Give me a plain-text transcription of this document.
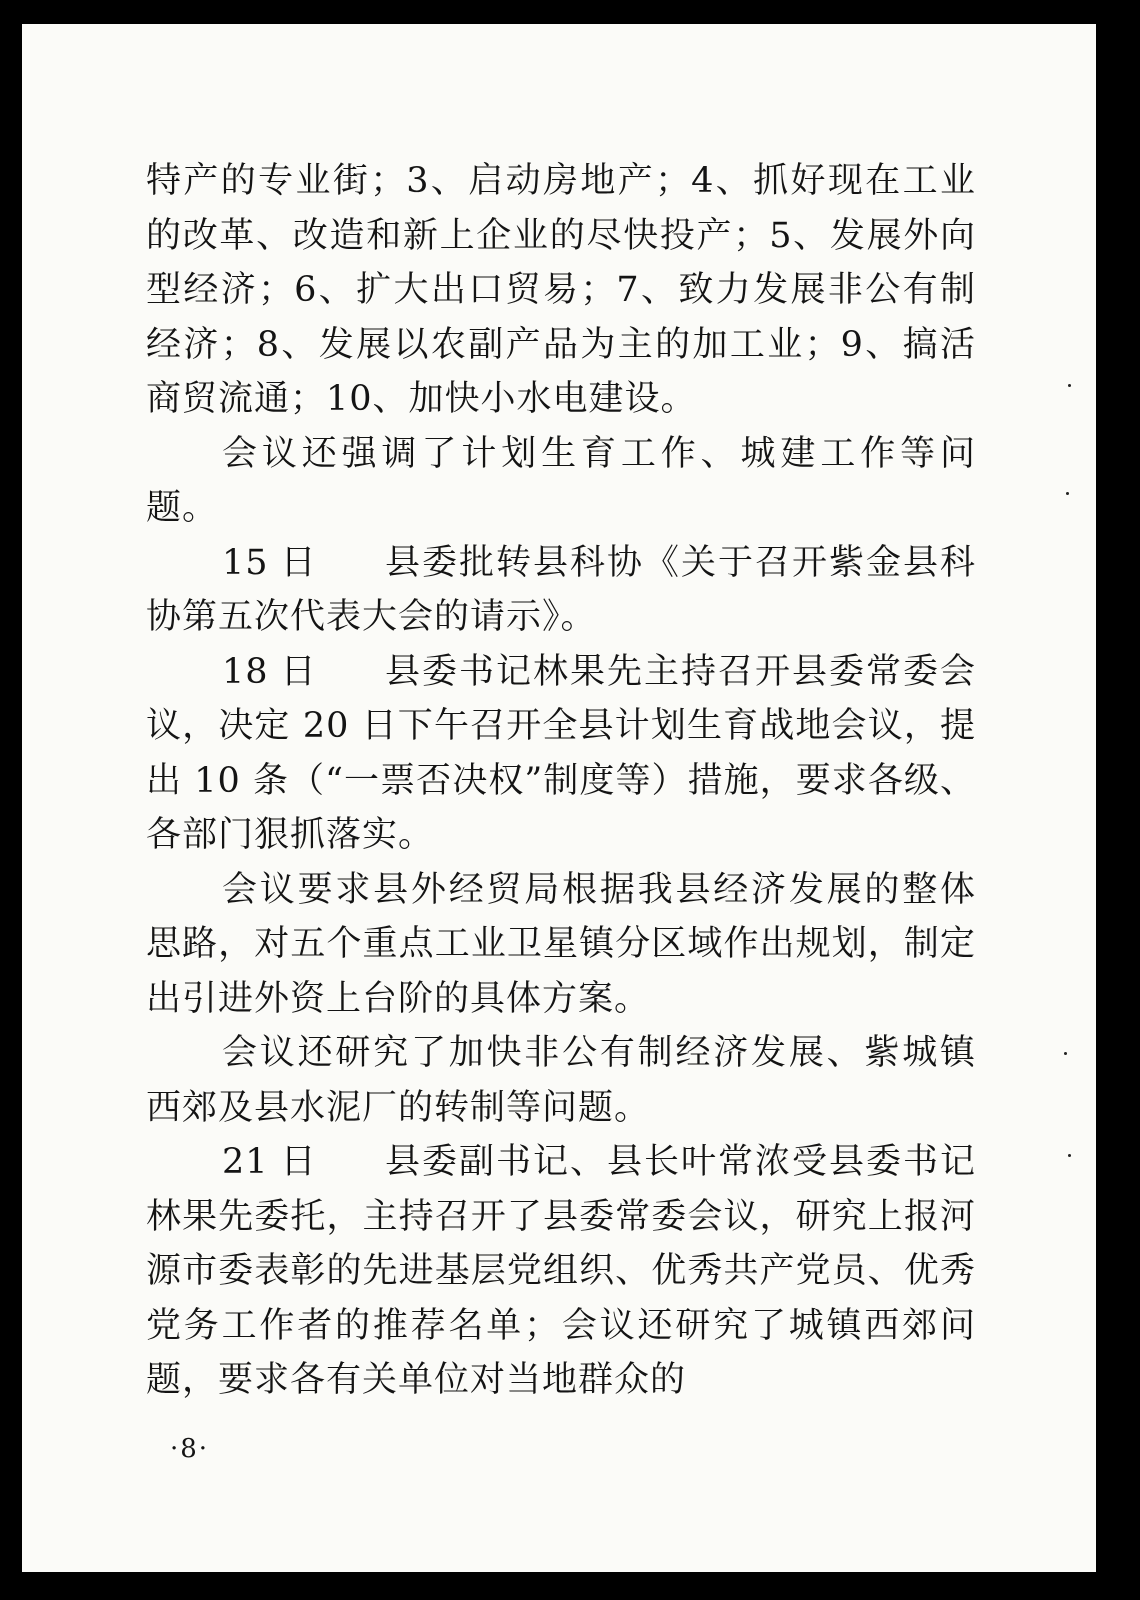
特产的专业街；3、启动房地产；4、抓好现在工业的改革、改造和新上企业的尽快投产；5、发展外向型经济；6、扩大出口贸易；7、致力发展非公有制经济；8、发展以农副产品为主的加工业；9、搞活商贸流通；10、加快小水电建设。

会议还强调了计划生育工作、城建工作等问题。

15 日 县委批转县科协《关于召开紫金县科协第五次代表大会的请示》。

18 日 县委书记林果先主持召开县委常委会议，决定 20 日下午召开全县计划生育战地会议，提出 10 条（“一票否决权”制度等）措施，要求各级、各部门狠抓落实。

会议要求县外经贸局根据我县经济发展的整体思路，对五个重点工业卫星镇分区域作出规划，制定出引进外资上台阶的具体方案。

会议还研究了加快非公有制经济发展、紫城镇西郊及县水泥厂的转制等问题。

21 日 县委副书记、县长叶常浓受县委书记林果先委托，主持召开了县委常委会议，研究上报河源市委表彰的先进基层党组织、优秀共产党员、优秀党务工作者的推荐名单；会议还研究了城镇西郊问题，要求各有关单位对当地群众的

·8·
